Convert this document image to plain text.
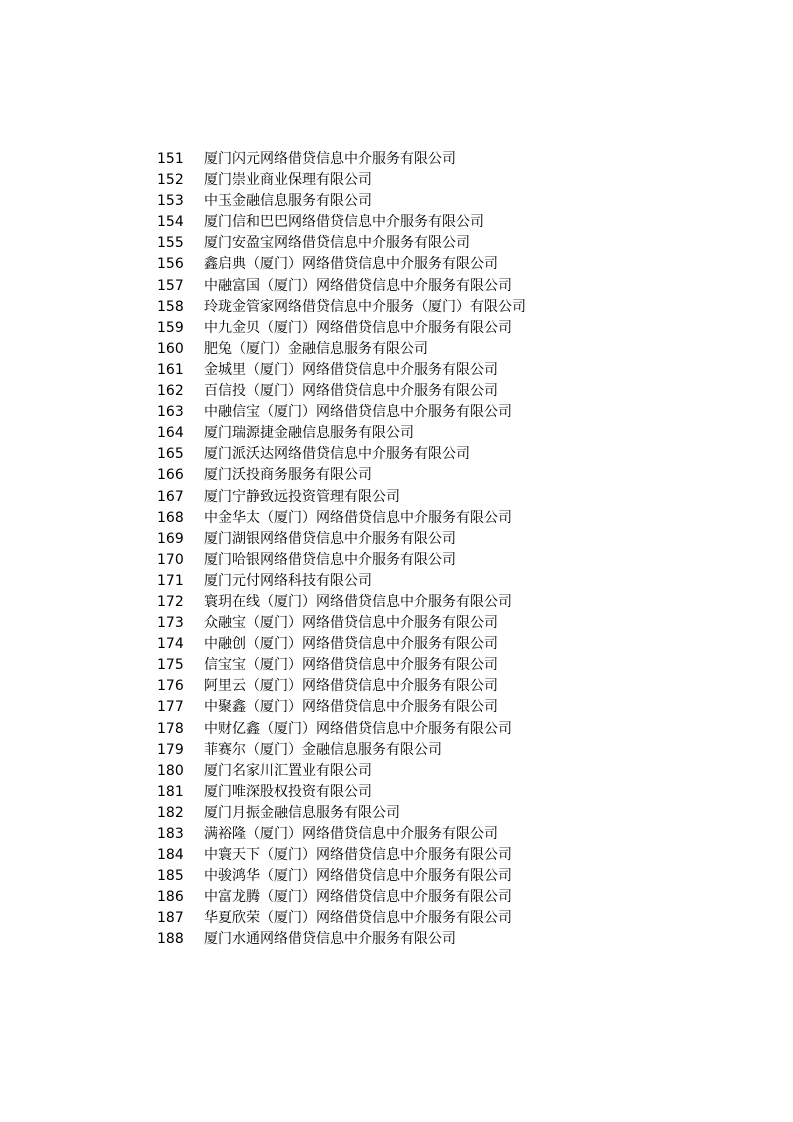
151	厦门闪元网络借贷信息中介服务有限公司
152	厦门崇业商业保理有限公司
153	中玉金融信息服务有限公司
154	厦门信和巴巴网络借贷信息中介服务有限公司
155	厦门安盈宝网络借贷信息中介服务有限公司
156	鑫启典（厦门）网络借贷信息中介服务有限公司
157	中融富国（厦门）网络借贷信息中介服务有限公司
158	玲珑金管家网络借贷信息中介服务（厦门）有限公司
159	中九金贝（厦门）网络借贷信息中介服务有限公司
160	肥兔（厦门）金融信息服务有限公司
161	金城里（厦门）网络借贷信息中介服务有限公司
162	百信投（厦门）网络借贷信息中介服务有限公司
163	中融信宝（厦门）网络借贷信息中介服务有限公司
164	厦门瑞源捷金融信息服务有限公司
165	厦门派沃达网络借贷信息中介服务有限公司
166	厦门沃投商务服务有限公司
167	厦门宁静致远投资管理有限公司
168	中金华太（厦门）网络借贷信息中介服务有限公司
169	厦门湖银网络借贷信息中介服务有限公司
170	厦门哈银网络借贷信息中介服务有限公司
171	厦门元付网络科技有限公司
172	寰玥在线（厦门）网络借贷信息中介服务有限公司
173	众融宝（厦门）网络借贷信息中介服务有限公司
174	中融创（厦门）网络借贷信息中介服务有限公司
175	信宝宝（厦门）网络借贷信息中介服务有限公司
176	阿里云（厦门）网络借贷信息中介服务有限公司
177	中聚鑫（厦门）网络借贷信息中介服务有限公司
178	中财亿鑫（厦门）网络借贷信息中介服务有限公司
179	菲赛尔（厦门）金融信息服务有限公司
180	厦门名家川汇置业有限公司
181	厦门唯深股权投资有限公司
182	厦门月振金融信息服务有限公司
183	满裕隆（厦门）网络借贷信息中介服务有限公司
184	中寰天下（厦门）网络借贷信息中介服务有限公司
185	中骏鸿华（厦门）网络借贷信息中介服务有限公司
186	中富龙腾（厦门）网络借贷信息中介服务有限公司
187	华夏欣荣（厦门）网络借贷信息中介服务有限公司
188	厦门水通网络借贷信息中介服务有限公司
